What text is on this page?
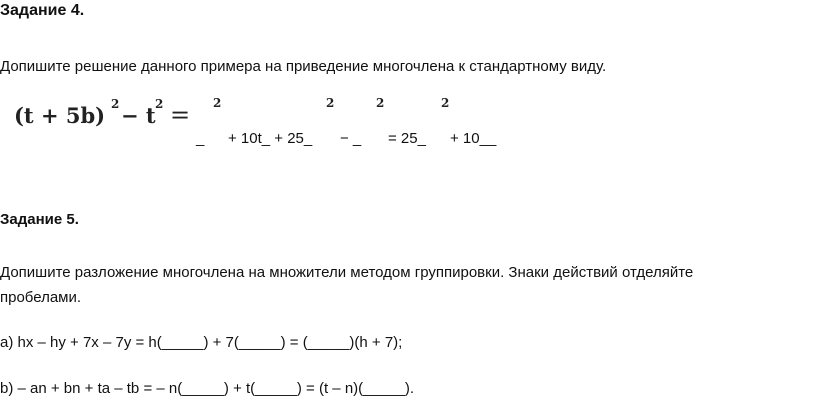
Задание 4.
Допишите решение данного примера на приведение многочлена к стандартному виду.
(t + 5b) 2 − t 2 = 2	2	2	2
_ + 10t_ + 25_ − _ = 25_ + 10__
Задание 5.
Допишите разложение многочлена на множители методом группировки. Знаки действий отделяйте
пробелами.
a) hx – hy + 7x – 7y = h(_____) + 7(_____) = (_____)(h + 7);
b) – an + bn + ta – tb = – n(_____) + t(_____) = (t – n)(_____).
